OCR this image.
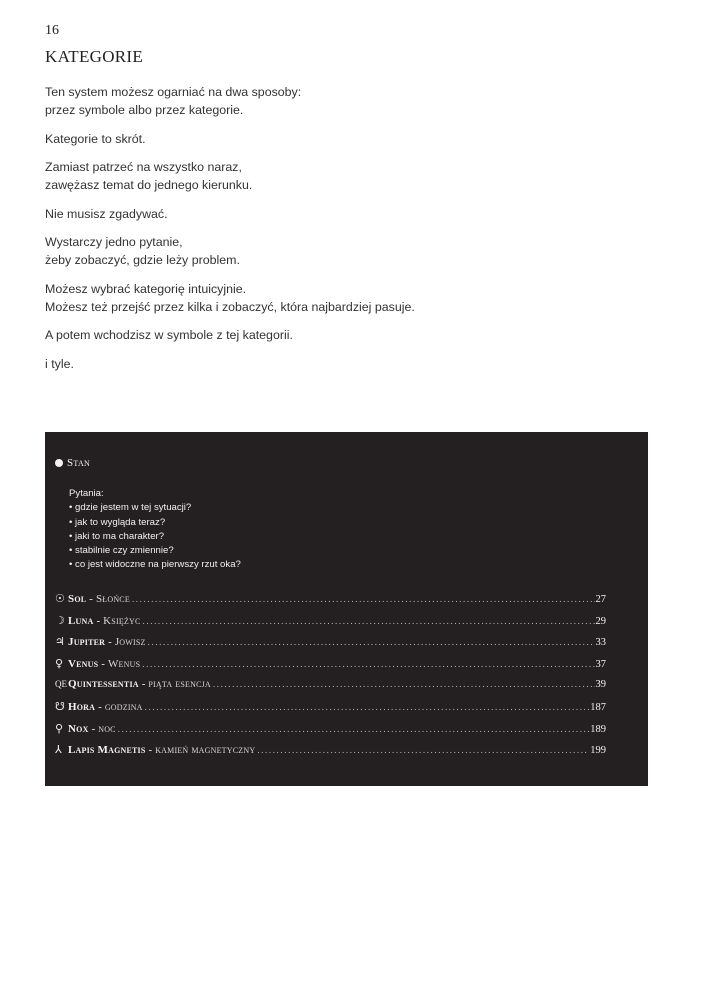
16
KATEGORIE

Ten system możesz ogarniać na dwa sposoby:
przez symbole albo przez kategorie.

Kategorie to skrót.

Zamiast patrzeć na wszystko naraz,
zawężasz temat do jednego kierunku.

Nie musisz zgadywać.

Wystarczy jedno pytanie,
żeby zobaczyć, gdzie leży problem.

Możesz wybrać kategorię intuicyjnie.
Możesz też przejść przez kilka i zobaczyć, która najbardziej pasuje.

A potem wchodzisz w symbole z tej kategorii.

i tyle.

Stan
Pytania:
• gdzie jestem w tej sytuacji?
• jak to wygląda teraz?
• jaki to ma charakter?
• stabilnie czy zmiennie?
• co jest widoczne na pierwszy rzut oka?
☉ Sol - Słońce .....	27
☽ Luna - Księżyc .....	29
♃ Jupiter - Jowisz .....	33
♀ Venus - Wenus .....	37
QE Quintessentia - piąta esencja .....	39
☋ Hora - godzina .....	187
⚲ Nox - noc .....	189
⅄ Lapis Magnetis - kamień magnetyczny .....	199
